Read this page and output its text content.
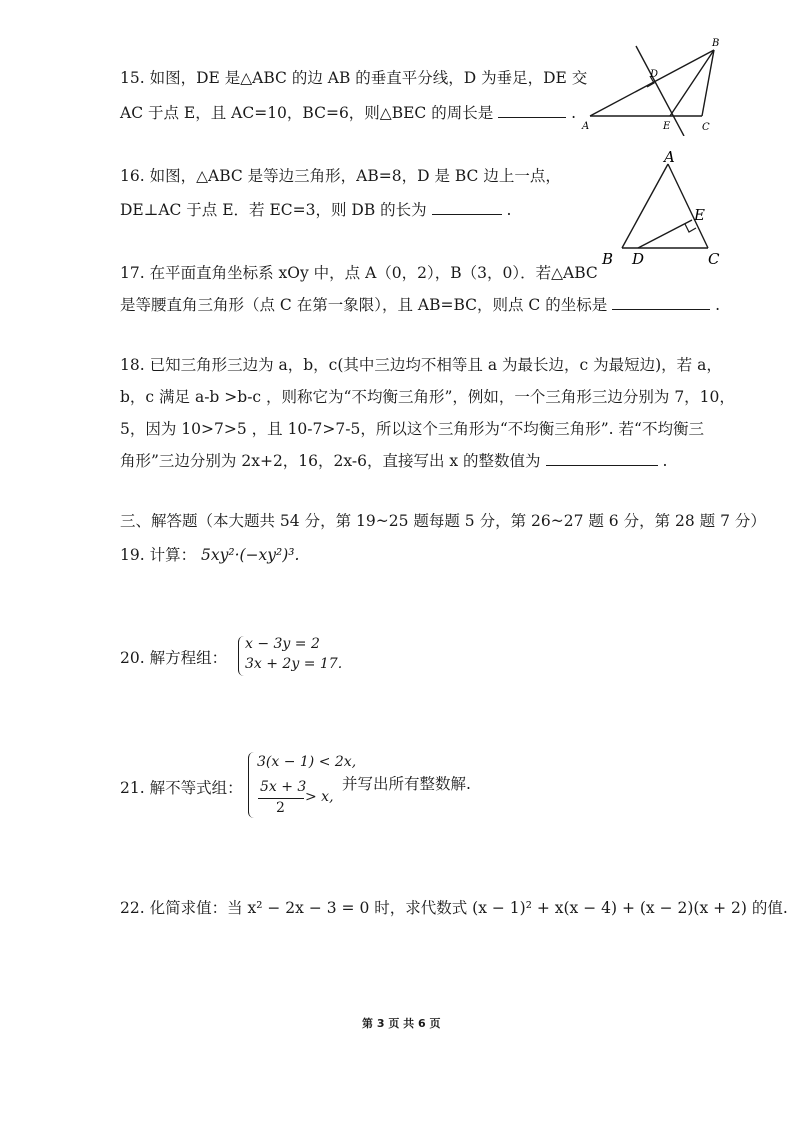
15. 如图，DE 是△ABC 的边 AB 的垂直平分线，D 为垂足，DE 交
AC 于点 E，且 AC=10，BC=6，则△BEC 的周长是	.
B
A	E	C
D
16. 如图，△ABC 是等边三角形，AB=8，D 是 BC 边上一点，
DE⊥AC 于点 E．若 EC=3，则 DB 的长为	.
A
E
B D	C
17. 在平面直角坐标系 xOy 中，点 A（0，2），B（3，0）．若△ABC
是等腰直角三角形（点 C 在第一象限），且 AB=BC，则点 C 的坐标是	.
18. 已知三角形三边为 a，b，c(其中三边均不相等且 a 为最长边，c 为最短边)，若 a，
b，c 满足 a-b >b-c ，则称它为“不均衡三角形”，例如，一个三角形三边分别为 7，10，
5，因为 10>7>5 ，且 10-7>7-5，所以这个三角形为“不均衡三角形”. 若“不均衡三
角形”三边分别为 2x+2，16，2x-6，直接写出 x 的整数值为	.
三、解答题（本大题共 54 分，第 19~25 题每题 5 分，第 26~27 题 6 分，第 28 题 7 分）
19. 计算： 5xy²·(−xy²)³.
20. 解方程组：
x − 3y = 2
3x + 2y = 17.
21. 解不等式组：
3(x − 1) < 2x,
5x + 3
2
> x,
并写出所有整数解.
22. 化简求值：当 x² − 2x − 3 = 0 时，求代数式 (x − 1)² + x(x − 4) + (x − 2)(x + 2) 的值.
第 3 页 共 6 页
